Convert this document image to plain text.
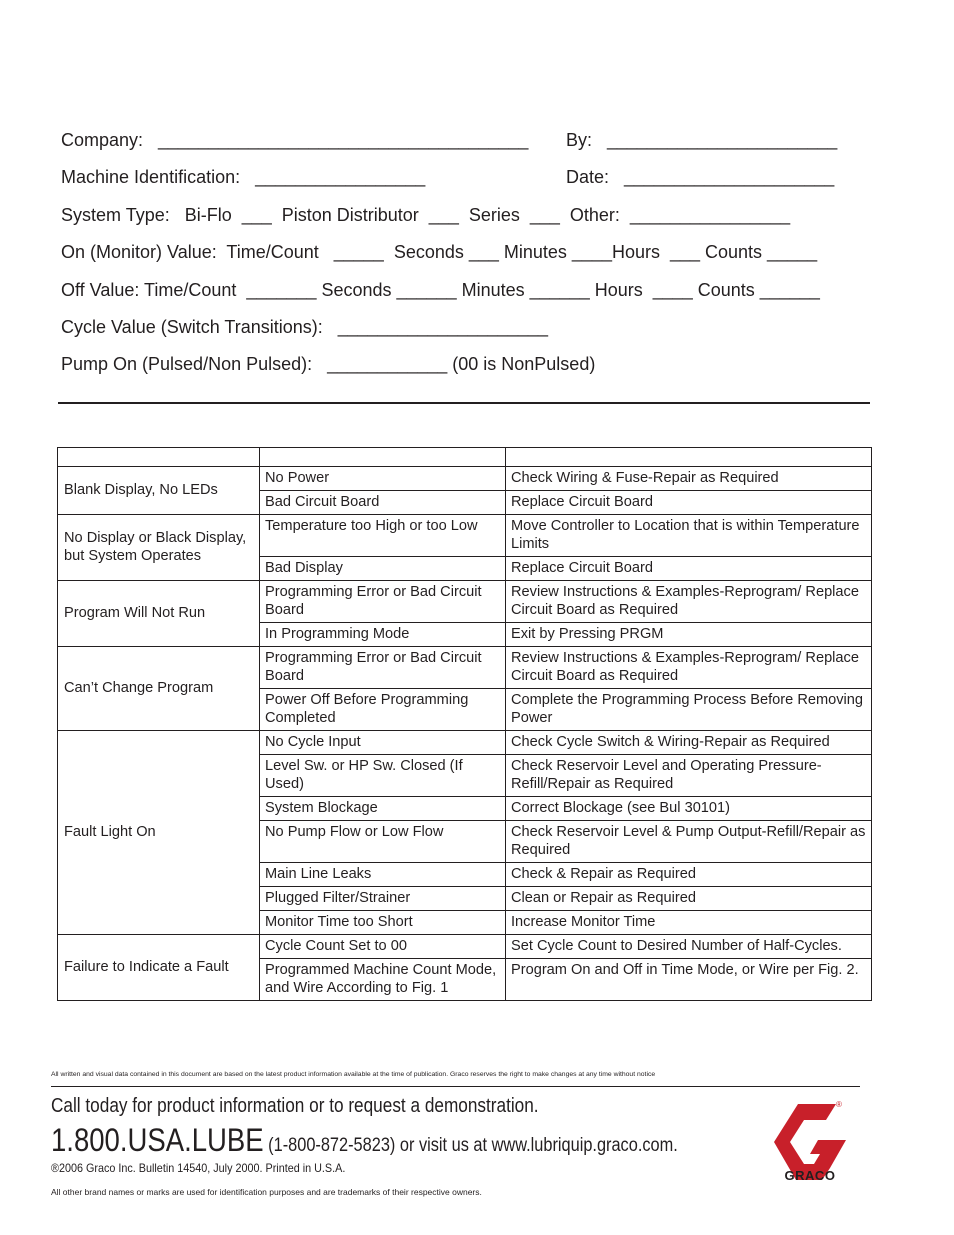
Company:   _____________________________________ By:   _______________________
Machine Identification:   _________________	Date:   _____________________
System Type:   Bi-Flo  ___  Piston Distributor  ___  Series  ___  Other:  ________________
On (Monitor) Value:  Time/Count   _____  Seconds ___ Minutes ____Hours  ___ Counts _____
Off Value: Time/Count  _______ Seconds ______ Minutes ______ Hours  ____ Counts ______
Cycle Value (Switch Transitions):   _____________________
Pump On (Pulsed/Non Pulsed):   ____________ (00 is NonPulsed)

Blank Display, No LEDs	No Power	Check Wiring & Fuse-Repair as Required
	Bad Circuit Board	Replace Circuit Board
No Display or Black Display, but System Operates	Temperature too High or too Low	Move Controller to Location that is within Temperature Limits
	Bad Display	Replace Circuit Board
Program Will Not Run	Programming Error or Bad Circuit Board	Review Instructions & Examples-Reprogram/ Replace Circuit Board as Required
	In Programming Mode	Exit by Pressing PRGM
Can’t Change Program	Programming Error or Bad Circuit Board	Review Instructions & Examples-Reprogram/ Replace Circuit Board as Required
	Power Off Before Programming Completed	Complete the Programming Process Before Removing Power
Fault Light On	No Cycle Input	Check Cycle Switch & Wiring-Repair as Required
	Level Sw. or HP Sw. Closed (If Used)	Check Reservoir Level and Operating Pressure-Refill/Repair as Required
	System Blockage	Correct Blockage (see Bul 30101)
	No Pump Flow or Low Flow	Check Reservoir Level & Pump Output-Refill/Repair as Required
	Main Line Leaks	Check & Repair as Required
	Plugged Filter/Strainer	Clean or Repair as Required
	Monitor Time too Short	Increase Monitor Time
Failure to Indicate a Fault	Cycle Count Set to 00	Set Cycle Count to Desired Number of Half-Cycles.
	Programmed Machine Count Mode, and Wire According to Fig. 1	Program On and Off in Time Mode, or Wire per Fig. 2.
All written and visual data contained in this document are based on the latest product information available at the time of publication. Graco reserves the right to make changes at any time without notice
Call today for product information or to request a demonstration.
1.800.USA.LUBE (1-800-872-5823) or visit us at www.lubriquip.graco.com.
®2006 Graco Inc. Bulletin 14540, July 2000. Printed in U.S.A.
All other brand names or marks are used for identification purposes and are trademarks of their respective owners.
®
GRACO
